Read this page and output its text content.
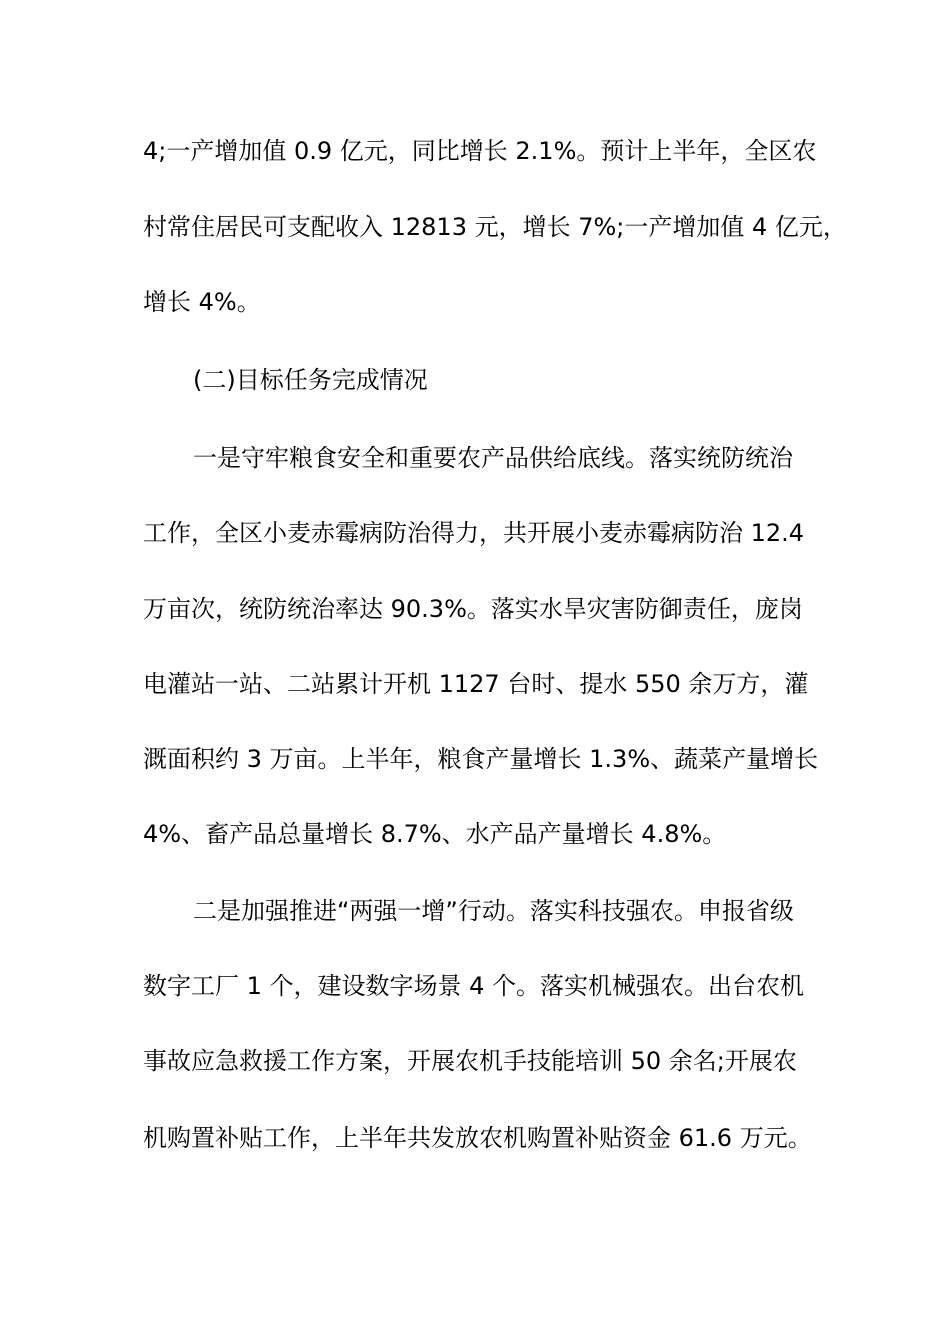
4;一产增加值 0.9 亿元，同比增长 2.1%。预计上半年，全区农
村常住居民可支配收入 12813 元，增长 7%;一产增加值 4 亿元，
增长 4%。
(二)目标任务完成情况
一是守牢粮食安全和重要农产品供给底线。落实统防统治
工作，全区小麦赤霉病防治得力，共开展小麦赤霉病防治 12.4
万亩次，统防统治率达 90.3%。落实水旱灾害防御责任，庞岗
电灌站一站、二站累计开机 1127 台时、提水 550 余万方，灌
溉面积约 3 万亩。上半年，粮食产量增长 1.3%、蔬菜产量增长
4%、畜产品总量增长 8.7%、水产品产量增长 4.8%。
二是加强推进“两强一增”行动。落实科技强农。申报省级
数字工厂 1 个，建设数字场景 4 个。落实机械强农。出台农机
事故应急救援工作方案，开展农机手技能培训 50 余名;开展农
机购置补贴工作，上半年共发放农机购置补贴资金 61.6 万元。
